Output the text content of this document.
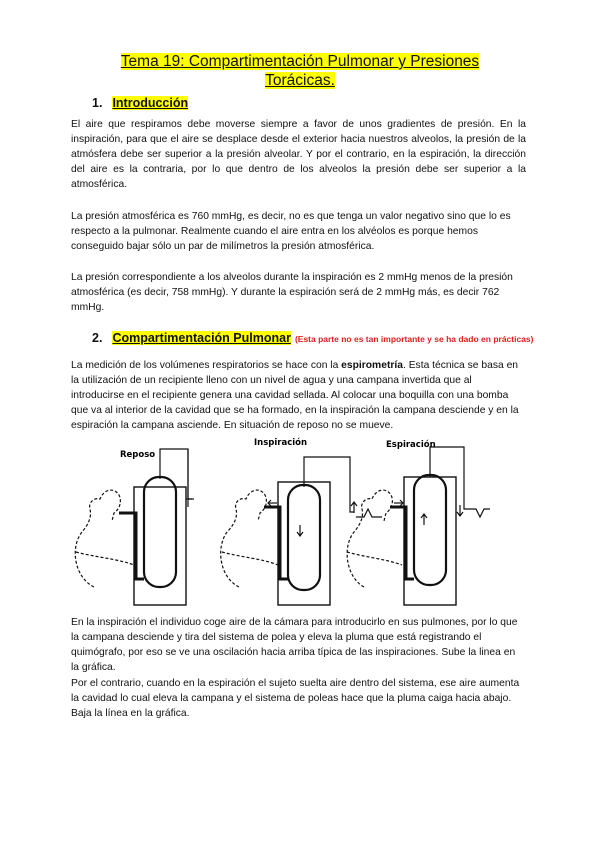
Tema 19: Compartimentación Pulmonar y Presiones
Torácicas.
1. Introducción

El aire que respiramos debe moverse siempre a favor de unos gradientes de presión. En la inspiración, para que el aire se desplace desde el exterior hacia nuestros alveolos, la presión de la atmósfera debe ser superior a la presión alveolar. Y por el contrario, en la espiración, la dirección del aire es la contraria, por lo que dentro de los alveolos la presión debe ser superior a la atmosférica.

La presión atmosférica es 760 mmHg, es decir, no es que tenga un valor negativo sino que lo es respecto a la pulmonar. Realmente cuando el aire entra en los alvéolos es porque hemos conseguido bajar sólo un par de milímetros la presión atmosférica.

La presión correspondiente a los alveolos durante la inspiración es 2 mmHg menos de la presión atmosférica (es decir, 758 mmHg). Y durante la espiración será de 2 mmHg más, es decir 762 mmHg.

2. Compartimentación Pulmonar (Esta parte no es tan importante y se ha dado en prácticas)

La medición de los volúmenes respiratorios se hace con la espirometría. Esta técnica se basa en la utilización de un recipiente lleno con un nivel de agua y una campana invertida que al introducirse en el recipiente genera una cavidad sellada. Al colocar una boquilla con una bomba que va al interior de la cavidad que se ha formado, en la inspiración la campana desciende y en la espiración la campana asciende. En situación de reposo no se mueve.

Reposo
Inspiración	Espiración

En la inspiración el individuo coge aire de la cámara para introducirlo en sus pulmones, por lo que la campana desciende y tira del sistema de polea y eleva la pluma que está registrando el quimógrafo, por eso se ve una oscilación hacia arriba típica de las inspiraciones. Sube la linea en la gráfica.

Por el contrario, cuando en la espiración el sujeto suelta aire dentro del sistema, ese aire aumenta la cavidad lo cual eleva la campana y el sistema de poleas hace que la pluma caiga hacia abajo. Baja la línea en la gráfica.
